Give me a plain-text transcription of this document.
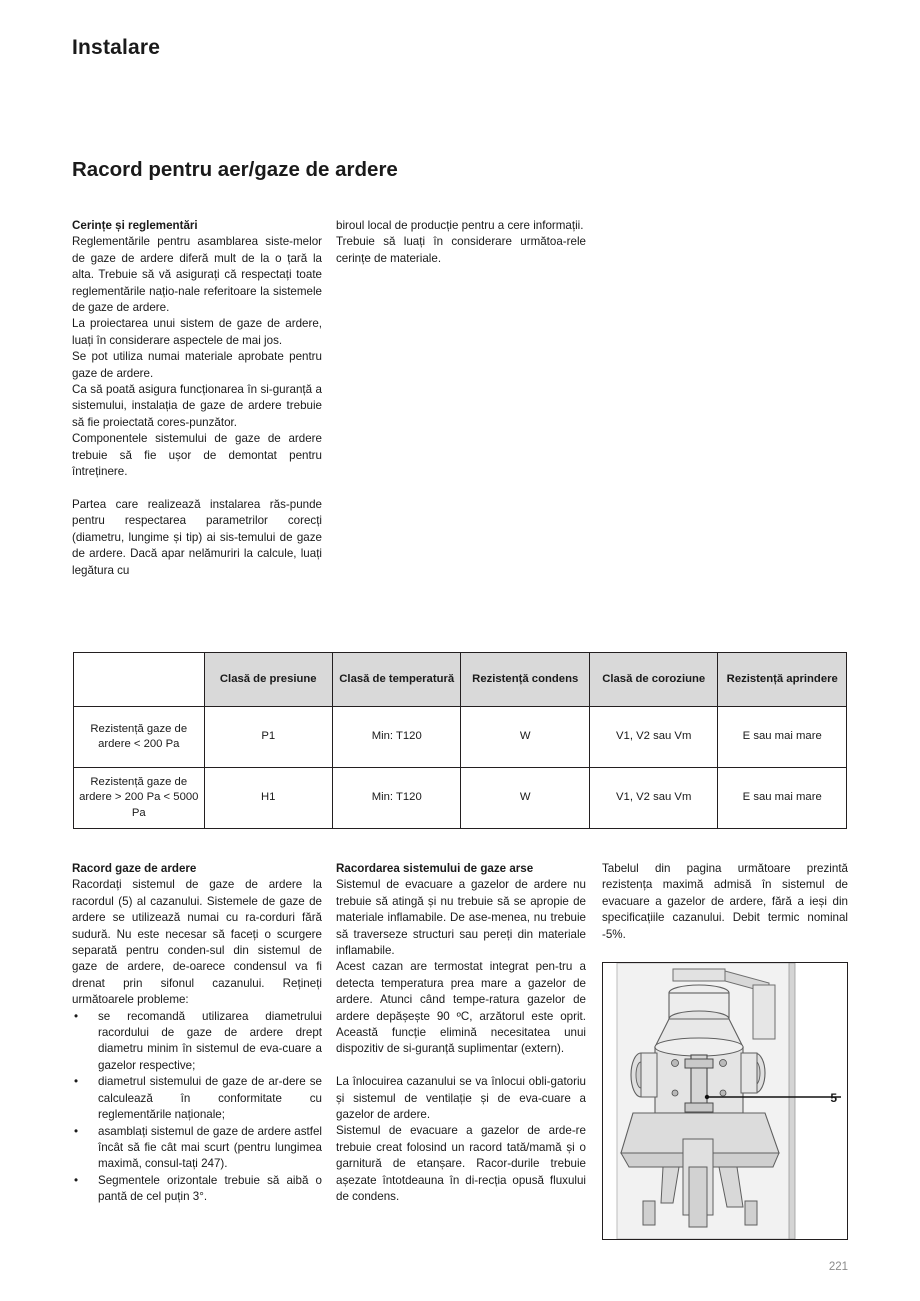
Instalare
Racord pentru aer/gaze de ardere

Cerințe și reglementări

Reglementările pentru asamblarea siste-melor de gaze de ardere diferă mult de la o țară la alta. Trebuie să vă asigurați că respectați toate reglementările națio-nale referitoare la sistemele de gaze de ardere.

La proiectarea unui sistem de gaze de ardere, luați în considerare aspectele de mai jos.

Se pot utiliza numai materiale aprobate pentru gaze de ardere.

Ca să poată asigura funcționarea în si-guranță a sistemului, instalația de gaze de ardere trebuie să fie proiectată cores-punzător.

Componentele sistemului de gaze de ardere trebuie să fie ușor de demontat pentru întreținere.

Partea care realizează instalarea răs-punde pentru respectarea parametrilor corecți (diametru, lungime și tip) ai sis-temului de gaze de ardere. Dacă apar nelămuriri la calcule, luați legătura cu

biroul local de producție pentru a cere informații.

Trebuie să luați în considerare următoa-rele cerințe de materiale.

	Clasă de presiune	Clasă de temperatură	Rezistență condens	Clasă de coroziune	Rezistență aprindere
Rezistență gaze de ardere < 200 Pa	P1	Min: T120	W	V1, V2 sau Vm	E sau mai mare
Rezistență gaze de ardere > 200 Pa < 5000 Pa	H1	Min: T120	W	V1, V2 sau Vm	E sau mai mare

Racord gaze de ardere

Racordați sistemul de gaze de ardere la racordul (5) al cazanului. Sistemele de gaze de ardere se utilizează numai cu ra-corduri fără sudură. Nu este necesar să faceți o scurgere separată pentru conden-sul din sistemul de gaze de ardere, de-oarece condensul va fi drenat prin sifonul cazanului. Rețineți următoarele probleme:

• se recomandă utilizarea diametrului racordului de gaze de ardere drept diametru minim în sistemul de eva-cuare a gazelor respective;
• diametrul sistemului de gaze de ar-dere se calculează în conformitate cu reglementările naționale;
• asamblați sistemul de gaze de ardere astfel încât să fie cât mai scurt (pentru lungimea maximă, consul-tați 247).
• Segmentele orizontale trebuie să aibă o pantă de cel puțin 3°.

Racordarea sistemului de gaze arse

Sistemul de evacuare a gazelor de ardere nu trebuie să atingă și nu trebuie să se apropie de materiale inflamabile. De ase-menea, nu trebuie să traverseze structuri sau pereți din materiale inflamabile.

Acest cazan are termostat integrat pen-tru a detecta temperatura prea mare a gazelor de ardere. Atunci când tempe-ratura gazelor de ardere depășește 90 ºC, arzătorul este oprit. Această funcție elimină necesitatea unui dispozitiv de si-guranță suplimentar (extern).

La înlocuirea cazanului se va înlocui obli-gatoriu și sistemul de ventilație și de eva-cuare a gazelor de ardere.

Sistemul de evacuare a gazelor de arde-re trebuie creat folosind un racord tată/mamă și o garnitură de etanșare. Racor-durile trebuie așezate întotdeauna în di-recția opusă fluxului de condens.

Tabelul din pagina următoare prezintă rezistența maximă admisă în sistemul de evacuare a gazelor de ardere, fără a ieși din specificațiile cazanului. Debit termic nominal -5%.

5
221
